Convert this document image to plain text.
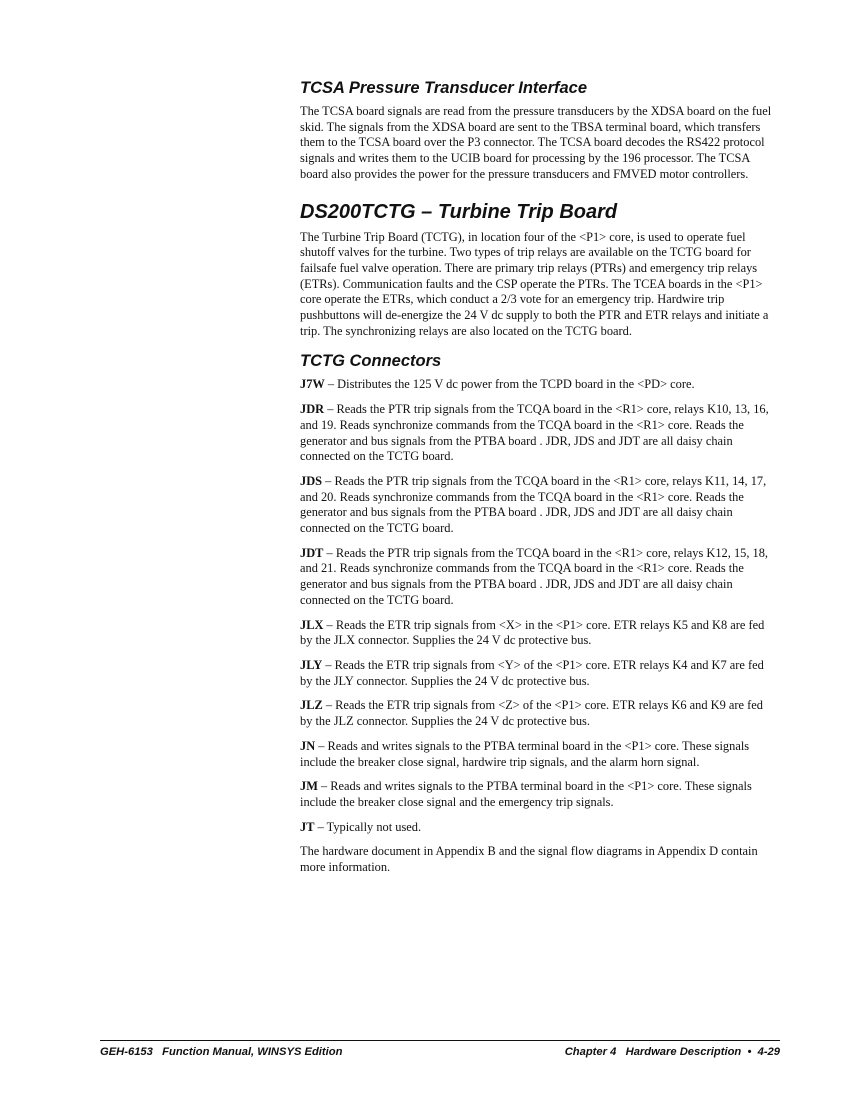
TCSA Pressure Transducer Interface

The TCSA board signals are read from the pressure transducers by the XDSA board on the fuel skid. The signals from the XDSA board are sent to the TBSA terminal board, which transfers them to the TCSA board over the P3 connector. The TCSA board decodes the RS422 protocol signals and writes them to the UCIB board for processing by the 196 processor. The TCSA board also provides the power for the pressure transducers and FMVED motor controllers.

DS200TCTG – Turbine Trip Board

The Turbine Trip Board (TCTG), in location four of the <P1> core, is used to operate fuel shutoff valves for the turbine. Two types of trip relays are available on the TCTG board for failsafe fuel valve operation. There are primary trip relays (PTRs) and emergency trip relays (ETRs). Communication faults and the CSP operate the PTRs. The TCEA boards in the <P1> core operate the ETRs, which conduct a 2/3 vote for an emergency trip. Hardwire trip pushbuttons will de-energize the 24 V dc supply to both the PTR and ETR relays and initiate a trip. The synchronizing relays are also located on the TCTG board.

TCTG Connectors

J7W – Distributes the 125 V dc power from the TCPD board in the <PD> core.

JDR – Reads the PTR trip signals from the TCQA board in the <R1> core, relays K10, 13, 16, and 19. Reads synchronize commands from the TCQA board in the <R1> core. Reads the generator and bus signals from the PTBA board . JDR, JDS and JDT are all daisy chain connected on the TCTG board.

JDS – Reads the PTR trip signals from the TCQA board in the <R1> core, relays K11, 14, 17, and 20. Reads synchronize commands from the TCQA board in the <R1> core. Reads the generator and bus signals from the PTBA board . JDR, JDS and JDT are all daisy chain connected on the TCTG board.

JDT – Reads the PTR trip signals from the TCQA board in the <R1> core, relays K12, 15, 18, and 21. Reads synchronize commands from the TCQA board in the <R1> core. Reads the generator and bus signals from the PTBA board . JDR, JDS and JDT are all daisy chain connected on the TCTG board.

JLX – Reads the ETR trip signals from <X> in the <P1> core. ETR relays K5 and K8 are fed by the JLX connector. Supplies the 24 V dc protective bus.

JLY – Reads the ETR trip signals from <Y> of the <P1> core. ETR relays K4 and K7 are fed by the JLY connector. Supplies the 24 V dc protective bus.

JLZ – Reads the ETR trip signals from <Z> of the <P1> core. ETR relays K6 and K9 are fed by the JLZ connector. Supplies the 24 V dc protective bus.

JN – Reads and writes signals to the PTBA terminal board in the <P1> core. These signals include the breaker close signal, hardwire trip signals, and the alarm horn signal.

JM – Reads and writes signals to the PTBA terminal board in the <P1> core. These signals include the breaker close signal and the emergency trip signals.

JT – Typically not used.

The hardware document in Appendix B and the signal flow diagrams in Appendix D contain more information.

GEH-6153   Function Manual, WINSYS Edition	Chapter 4   Hardware Description  •  4-29
